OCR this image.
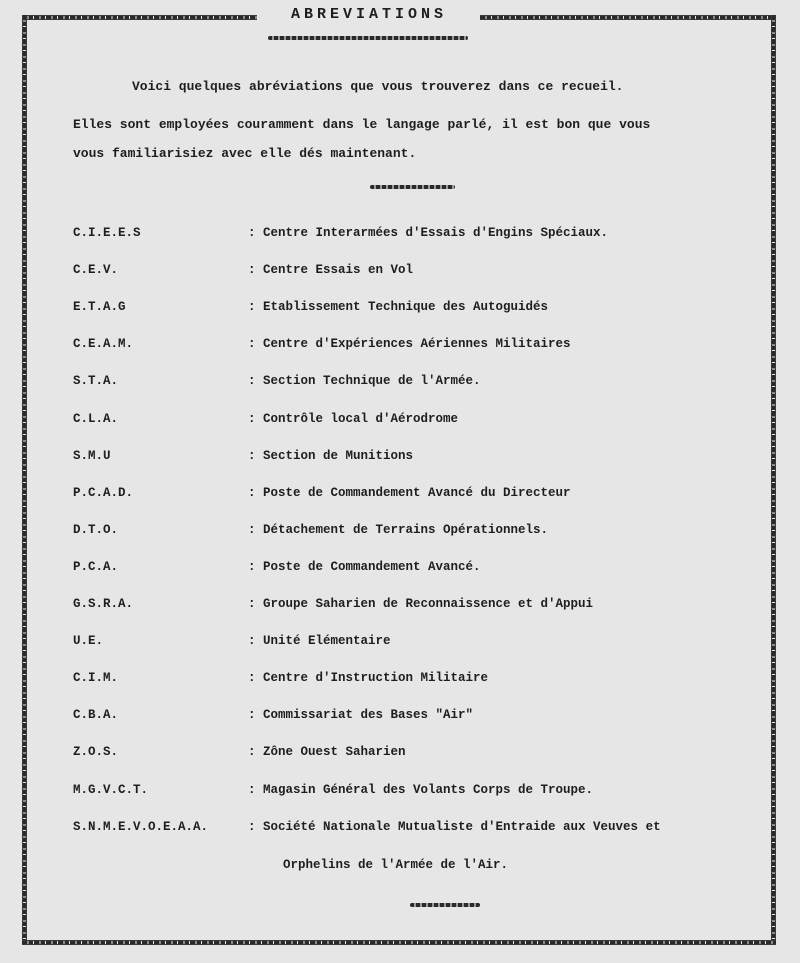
ABREVIATIONS
Voici quelques abréviations que vous trouverez dans ce recueil.
Elles sont employées couramment dans le langage parlé, il est bon que vous
vous familiarisiez avec elle dés maintenant.
C.I.E.E.S	: Centre Interarmées d'Essais d'Engins Spéciaux.
C.E.V.	: Centre Essais en Vol
E.T.A.G	: Etablissement Technique des Autoguidés
C.E.A.M.	: Centre d'Expériences Aériennes Militaires
S.T.A.	: Section Technique de l'Armée.
C.L.A.	: Contrôle local d'Aérodrome
S.M.U	: Section de Munitions
P.C.A.D.	: Poste de Commandement Avancé du Directeur
D.T.O.	: Détachement de Terrains Opérationnels.
P.C.A.	: Poste de Commandement Avancé.
G.S.R.A.	: Groupe Saharien de Reconnaissence et d'Appui
U.E.	: Unité Elémentaire
C.I.M.	: Centre d'Instruction Militaire
C.B.A.	: Commissariat des Bases "Air"
Z.O.S.	: Zône Ouest Saharien
M.G.V.C.T.	: Magasin Général des Volants Corps de Troupe.
S.N.M.E.V.O.E.A.A.	: Société Nationale Mutualiste d'Entraide aux Veuves et
Orphelins de l'Armée de l'Air.
